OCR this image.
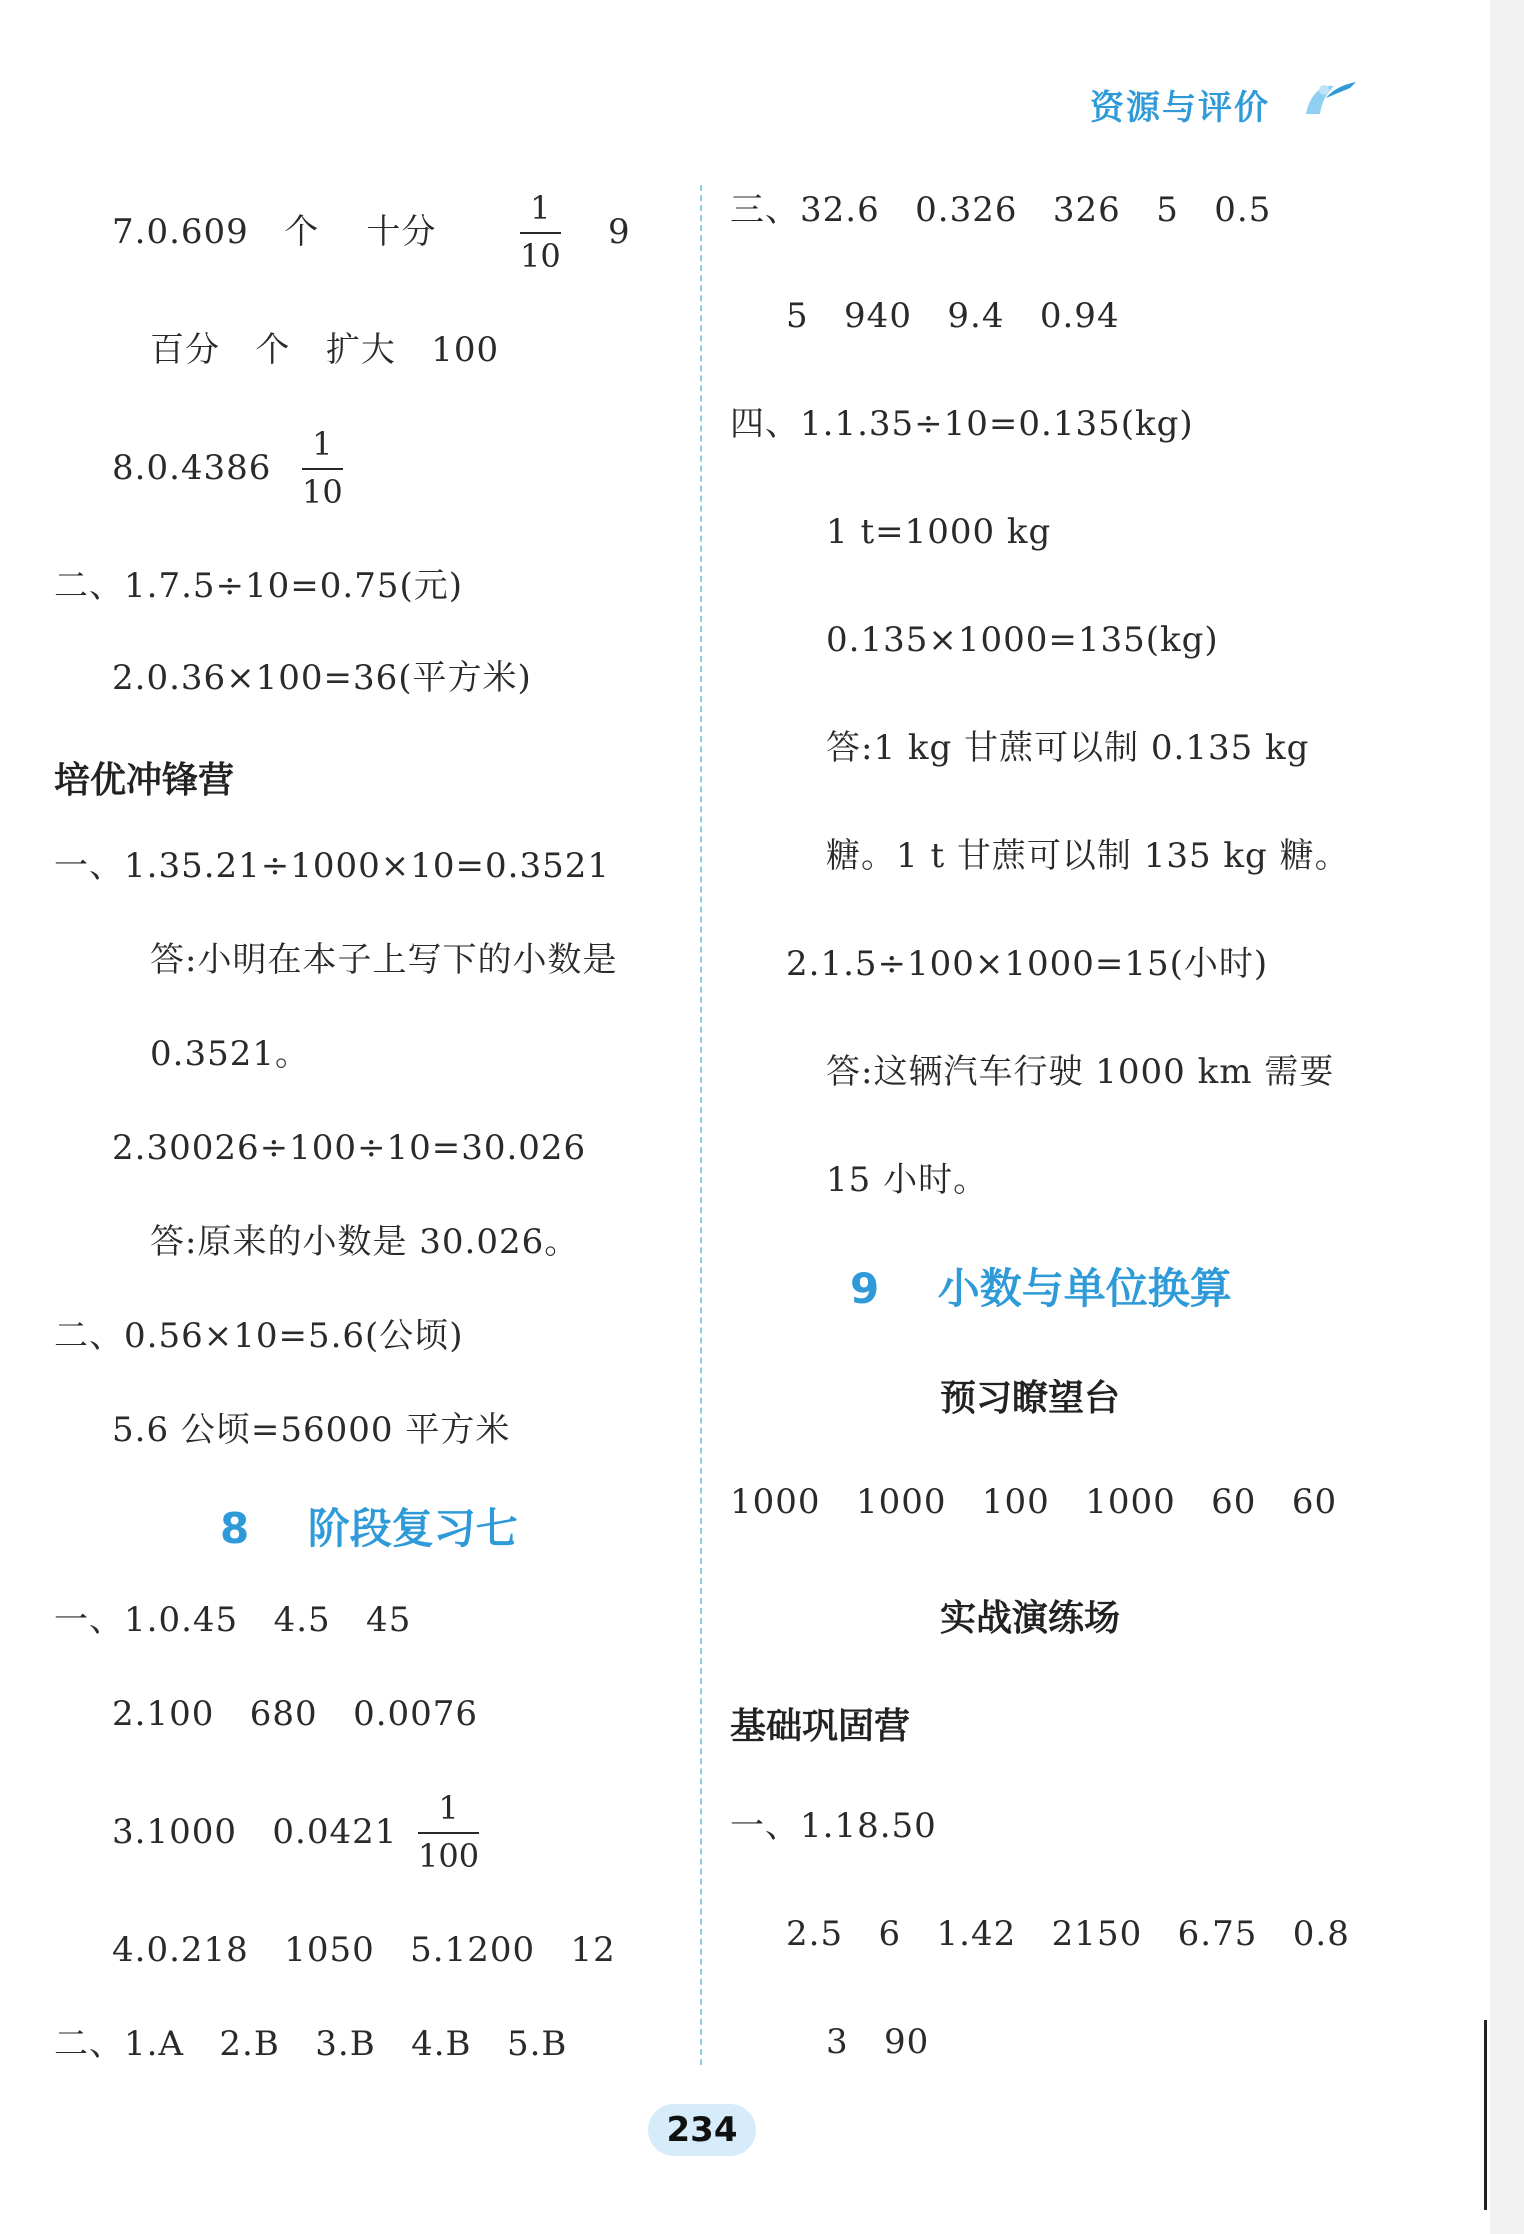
资源与评价
7.0.609   个    十分
1
10
9
百分   个   扩大   100
8.0.4386
1
10
二、1.7.5÷10=0.75(元)
2.0.36×100=36(平方米)
培优冲锋营
一、1.35.21÷1000×10=0.3521
答:小明在本子上写下的小数是
0.3521。
2.30026÷100÷10=30.026
答:原来的小数是 30.026。
二、0.56×10=5.6(公顷)
5.6 公顷=56000 平方米
8    阶段复习七
一、1.0.45   4.5   45
2.100   680   0.0076
3.1000   0.0421
1
100
4.0.218   1050   5.1200   12
二、1.A   2.B   3.B   4.B   5.B
三、32.6   0.326   326   5   0.5
5   940   9.4   0.94
四、1.1.35÷10=0.135(kg)
1 t=1000 kg
0.135×1000=135(kg)
答:1 kg 甘蔗可以制 0.135 kg
糖。1 t 甘蔗可以制 135 kg 糖。
2.1.5÷100×1000=15(小时)
答:这辆汽车行驶 1000 km 需要
15 小时。
9    小数与单位换算
预习瞭望台
1000   1000   100   1000   60   60
实战演练场
基础巩固营
一、1.18.50
2.5   6   1.42   2150   6.75   0.8
3   90
234
